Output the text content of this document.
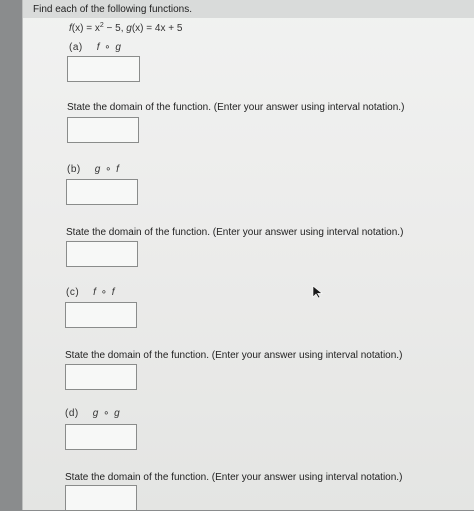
Find each of the following functions.
$f(x) = x^2 - 5$, g(x) = 4x + 5
(a) f ∘ g
State the domain of the function. (Enter your answer using interval notation.)
(b) g ∘ f
State the domain of the function. (Enter your answer using interval notation.)
(c) f ∘ f
State the domain of the function. (Enter your answer using interval notation.)
(d) g ∘ g
State the domain of the function. (Enter your answer using interval notation.)
